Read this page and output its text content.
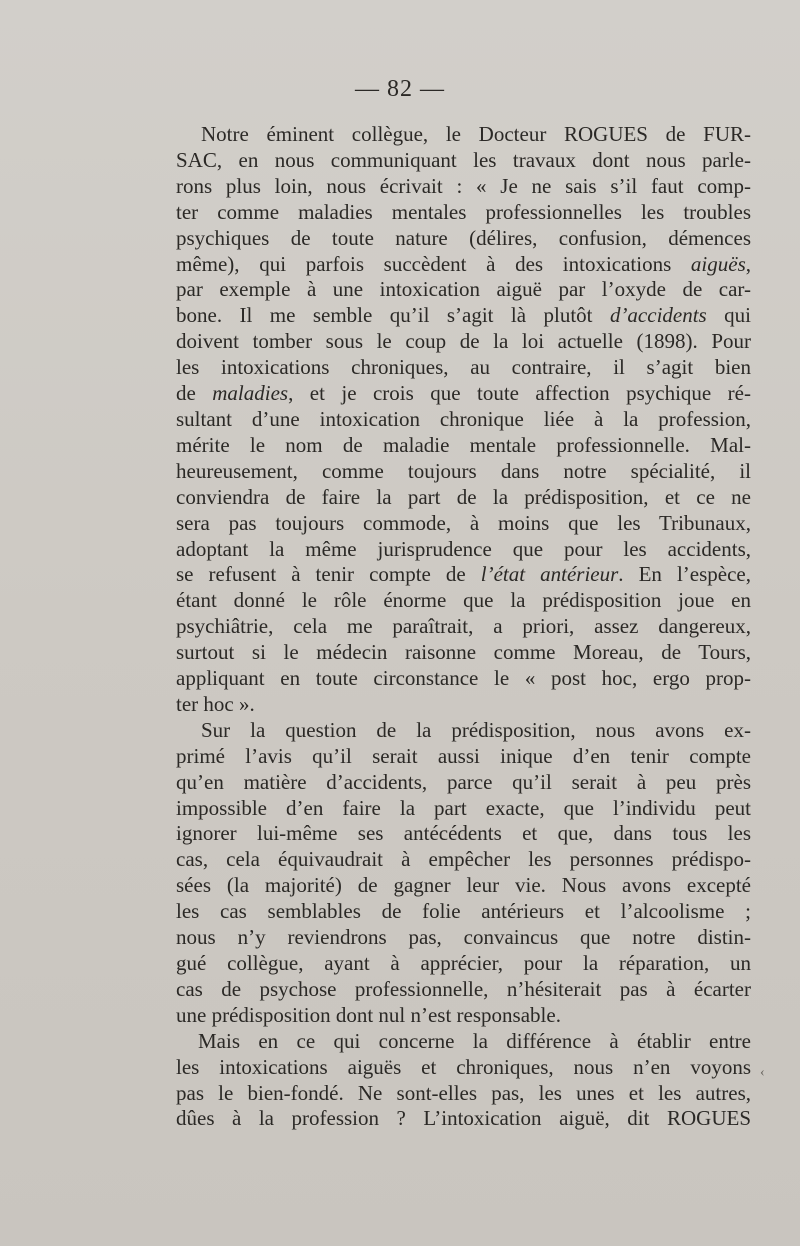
— 82 —
Notre éminent collègue, le Docteur ROGUES de FUR-
SAC, en nous communiquant les travaux dont nous parle-
rons plus loin, nous écrivait : « Je ne sais s’il faut comp-
ter comme maladies mentales professionnelles les troubles
psychiques de toute nature (délires, confusion, démences
même), qui parfois succèdent à des intoxications aiguës,
par exemple à une intoxication aiguë par l’oxyde de car-
bone. Il me semble qu’il s’agit là plutôt d’accidents qui
doivent tomber sous le coup de la loi actuelle (1898). Pour
les intoxications chroniques, au contraire, il s’agit bien
de maladies, et je crois que toute affection psychique ré-
sultant d’une intoxication chronique liée à la profession,
mérite le nom de maladie mentale professionnelle. Mal-
heureusement, comme toujours dans notre spécialité, il
conviendra de faire la part de la prédisposition, et ce ne
sera pas toujours commode, à moins que les Tribunaux,
adoptant la même jurisprudence que pour les accidents,
se refusent à tenir compte de l’état antérieur. En l’espèce,
étant donné le rôle énorme que la prédisposition joue en
psychiâtrie, cela me paraîtrait, a priori, assez dangereux,
surtout si le médecin raisonne comme Moreau, de Tours,
appliquant en toute circonstance le « post hoc, ergo prop-
ter hoc ».
Sur la question de la prédisposition, nous avons ex-
primé l’avis qu’il serait aussi inique d’en tenir compte
qu’en matière d’accidents, parce qu’il serait à peu près
impossible d’en faire la part exacte, que l’individu peut
ignorer lui-même ses antécédents et que, dans tous les
cas, cela équivaudrait à empêcher les personnes prédispo-
sées (la majorité) de gagner leur vie. Nous avons excepté
les cas semblables de folie antérieurs et l’alcoolisme ;
nous n’y reviendrons pas, convaincus que notre distin-
gué collègue, ayant à apprécier, pour la réparation, un
cas de psychose professionnelle, n’hésiterait pas à écarter
une prédisposition dont nul n’est responsable.
Mais en ce qui concerne la différence à établir entre
les intoxications aiguës et chroniques, nous n’en voyons
pas le bien-fondé. Ne sont-elles pas, les unes et les autres,
dûes à la profession ? L’intoxication aiguë, dit ROGUES
‹
